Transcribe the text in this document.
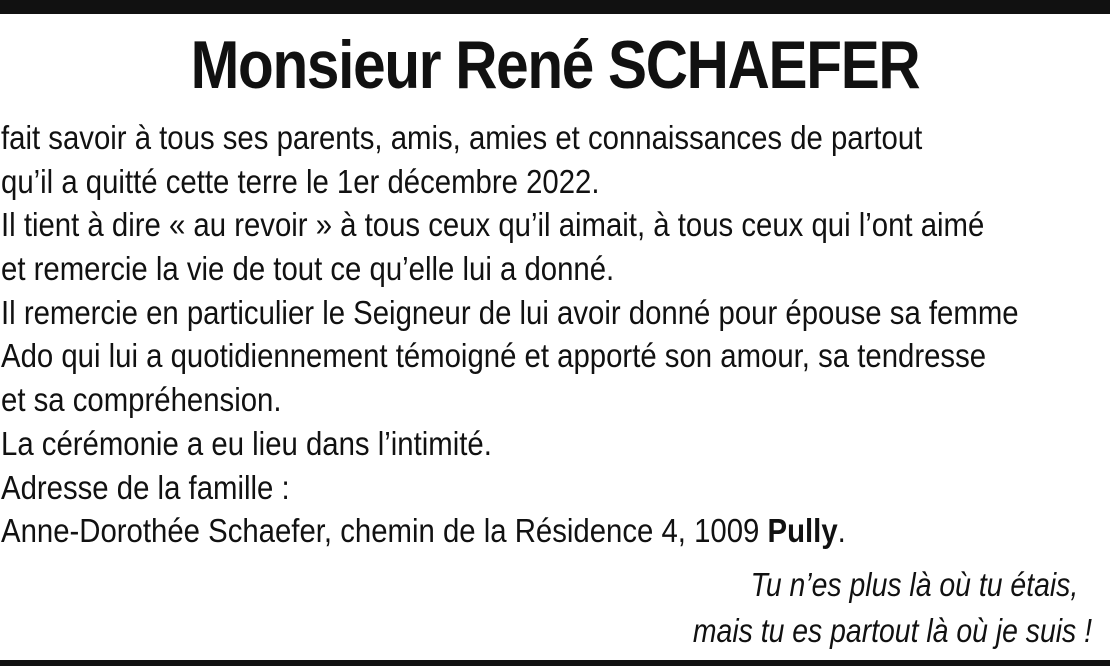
Monsieur René SCHAEFER
fait savoir à tous ses parents, amis, amies et connaissances de partout
qu’il a quitté cette terre le 1er décembre 2022.
Il tient à dire « au revoir » à tous ceux qu’il aimait, à tous ceux qui l’ont aimé
et remercie la vie de tout ce qu’elle lui a donné.
Il remercie en particulier le Seigneur de lui avoir donné pour épouse sa femme
Ado qui lui a quotidiennement témoigné et apporté son amour, sa tendresse
et sa compréhension.
La cérémonie a eu lieu dans l’intimité.
Adresse de la famille :
Anne-Dorothée Schaefer, chemin de la Résidence 4, 1009 Pully.
Tu n’es plus là où tu étais,
mais tu es partout là où je suis !
